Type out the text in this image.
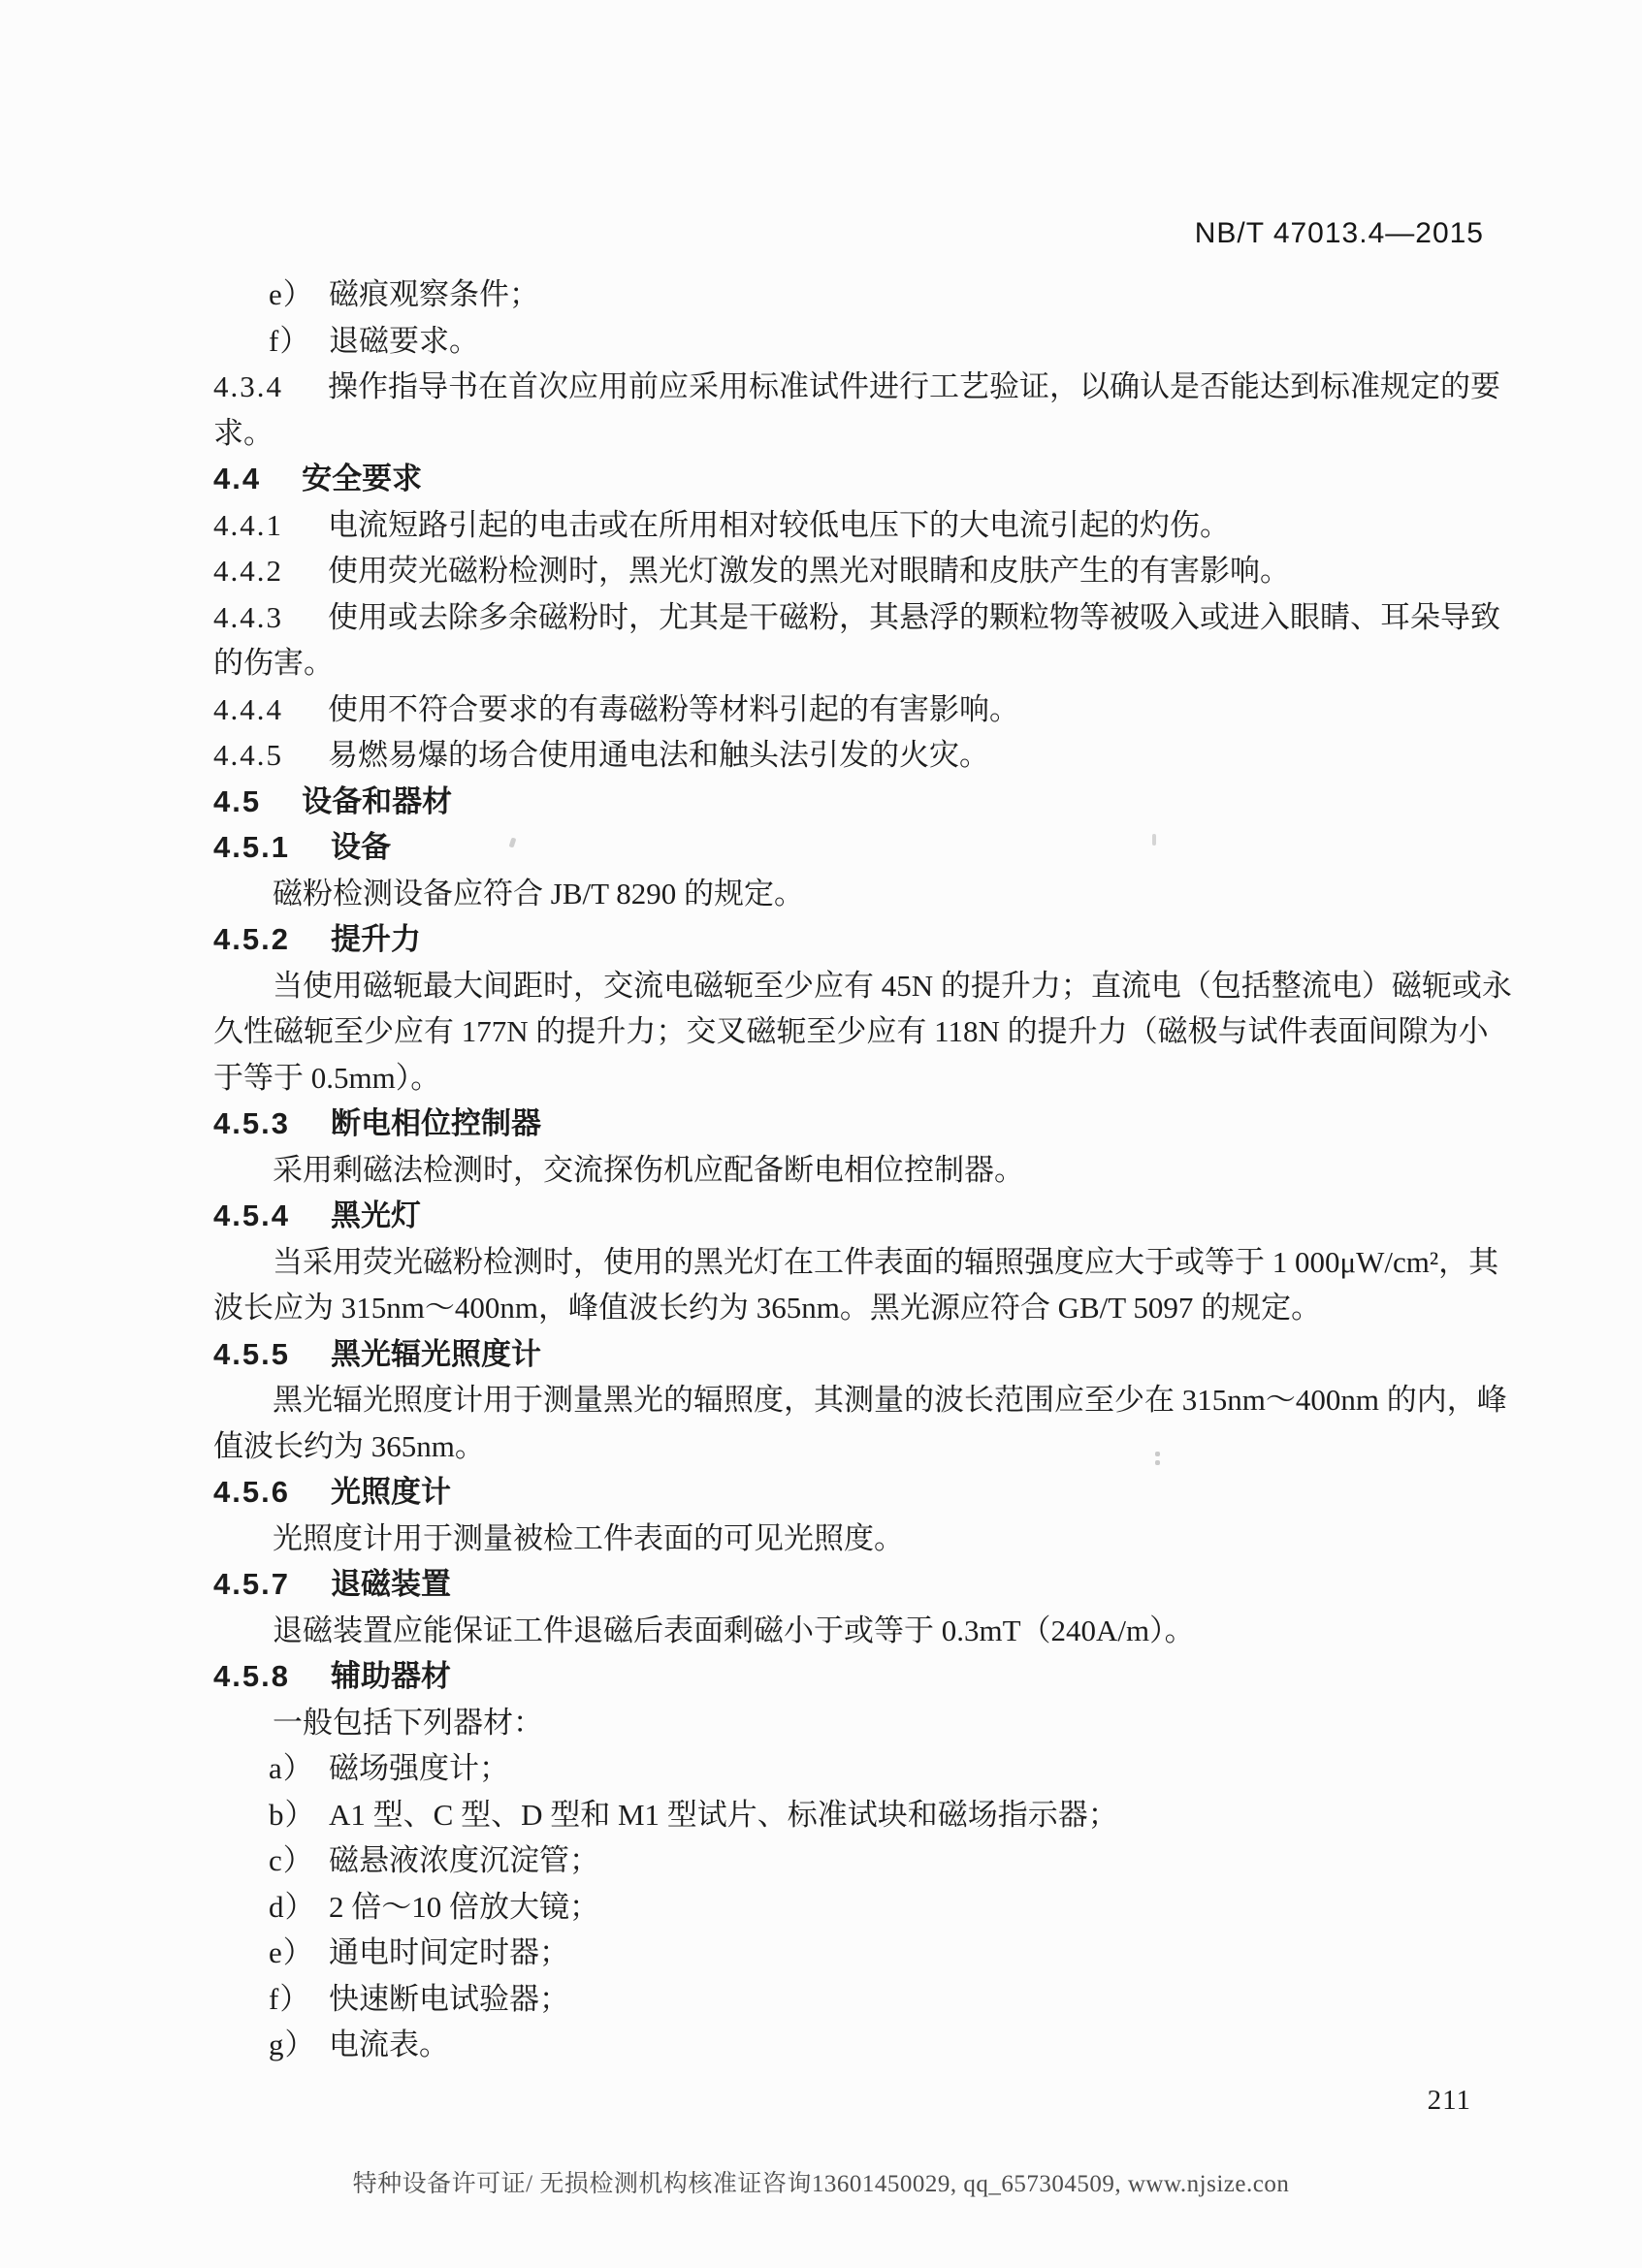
NB/T 47013.4—2015
e） 磁痕观察条件；
f） 退磁要求。
4.3.4 操作指导书在首次应用前应采用标准试件进行工艺验证，以确认是否能达到标准规定的要
求。
4.4 安全要求
4.4.1 电流短路引起的电击或在所用相对较低电压下的大电流引起的灼伤。
4.4.2 使用荧光磁粉检测时，黑光灯激发的黑光对眼睛和皮肤产生的有害影响。
4.4.3 使用或去除多余磁粉时，尤其是干磁粉，其悬浮的颗粒物等被吸入或进入眼睛、耳朵导致
的伤害。
4.4.4 使用不符合要求的有毒磁粉等材料引起的有害影响。
4.4.5 易燃易爆的场合使用通电法和触头法引发的火灾。
4.5 设备和器材
4.5.1 设备
磁粉检测设备应符合 JB/T 8290 的规定。
4.5.2 提升力
当使用磁轭最大间距时，交流电磁轭至少应有 45N 的提升力；直流电（包括整流电）磁轭或永
久性磁轭至少应有 177N 的提升力；交叉磁轭至少应有 118N 的提升力（磁极与试件表面间隙为小
于等于 0.5mm）。
4.5.3 断电相位控制器
采用剩磁法检测时，交流探伤机应配备断电相位控制器。
4.5.4 黑光灯
当采用荧光磁粉检测时，使用的黑光灯在工件表面的辐照强度应大于或等于 1 000μW/cm²，其
波长应为 315nm～400nm，峰值波长约为 365nm。黑光源应符合 GB/T 5097 的规定。
4.5.5 黑光辐光照度计
黑光辐光照度计用于测量黑光的辐照度，其测量的波长范围应至少在 315nm～400nm 的内，峰
值波长约为 365nm。
4.5.6 光照度计
光照度计用于测量被检工件表面的可见光照度。
4.5.7 退磁装置
退磁装置应能保证工件退磁后表面剩磁小于或等于 0.3mT（240A/m）。
4.5.8 辅助器材
一般包括下列器材：
a） 磁场强度计；
b） A1 型、C 型、D 型和 M1 型试片、标准试块和磁场指示器；
c） 磁悬液浓度沉淀管；
d） 2 倍～10 倍放大镜；
e） 通电时间定时器；
f） 快速断电试验器；
g） 电流表。
211
特种设备许可证/ 无损检测机构核准证咨询13601450029, qq_657304509, www.njsize.con
